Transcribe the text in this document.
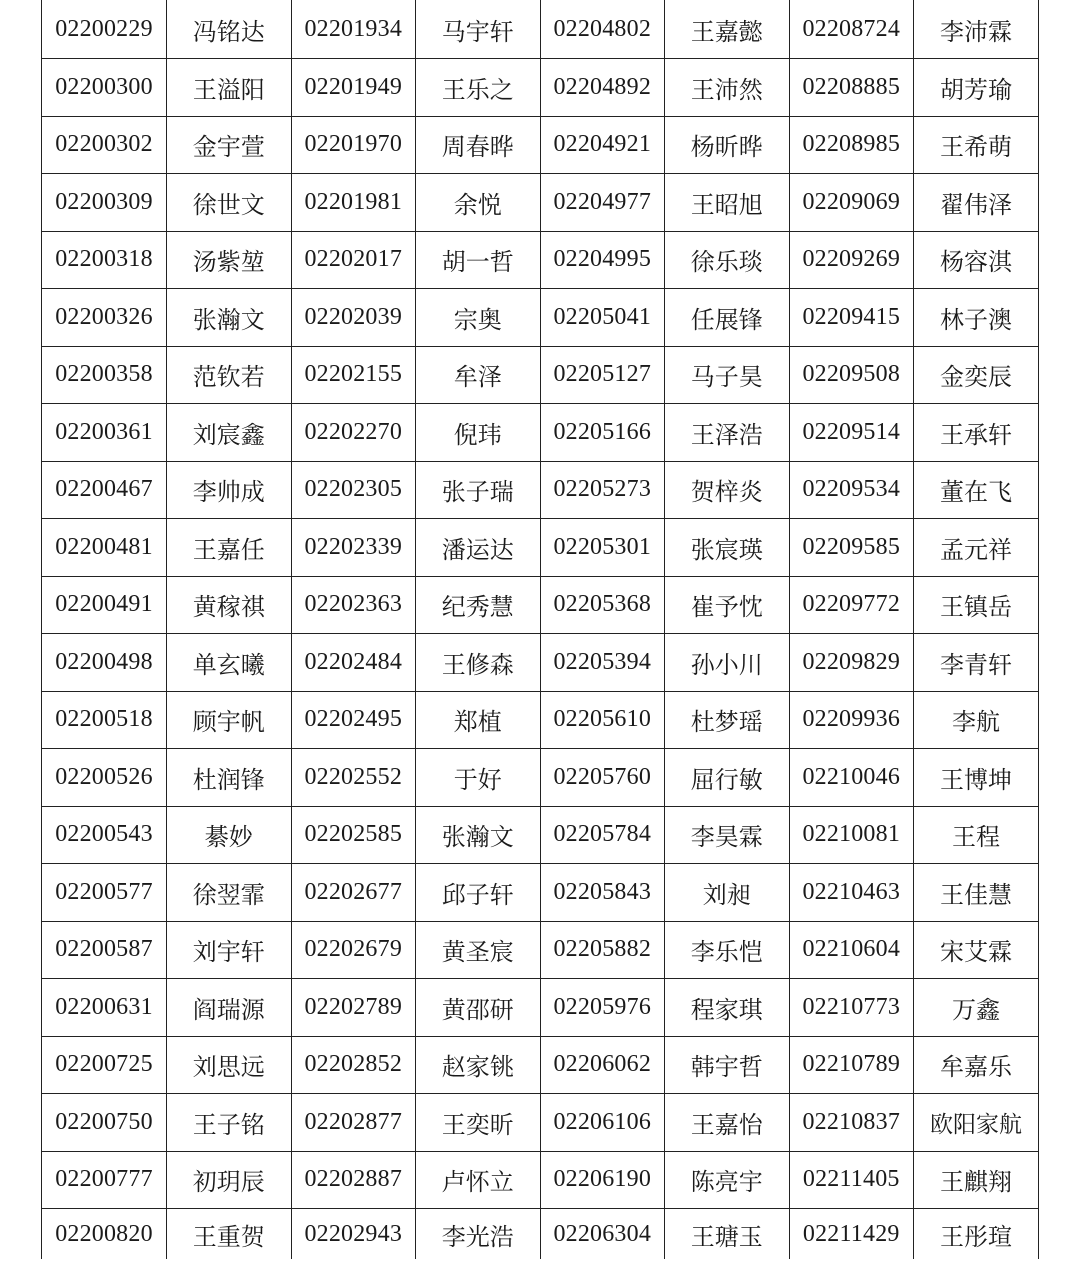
02200229	冯铭达	02201934	马宇轩	02204802	王嘉懿	02208724	李沛霖
02200300	王溢阳	02201949	王乐之	02204892	王沛然	02208885	胡芳瑜
02200302	金宇萱	02201970	周春晔	02204921	杨昕晔	02208985	王希萌
02200309	徐世文	02201981	余悦	02204977	王昭旭	02209069	翟伟泽
02200318	汤紫堃	02202017	胡一哲	02204995	徐乐琰	02209269	杨容淇
02200326	张瀚文	02202039	宗奥	02205041	任展锋	02209415	林子澳
02200358	范钦若	02202155	牟泽	02205127	马子昊	02209508	金奕辰
02200361	刘宸鑫	02202270	倪玮	02205166	王泽浩	02209514	王承轩
02200467	李帅成	02202305	张子瑞	02205273	贺梓炎	02209534	董在飞
02200481	王嘉任	02202339	潘运达	02205301	张宸瑛	02209585	孟元祥
02200491	黄稼祺	02202363	纪秀慧	02205368	崔予忱	02209772	王镇岳
02200498	单玄曦	02202484	王修森	02205394	孙小川	02209829	李青轩
02200518	顾宇帆	02202495	郑植	02205610	杜梦瑶	02209936	李航
02200526	杜润锋	02202552	于好	02205760	屈行敏	02210046	王博坤
02200543	綦妙	02202585	张瀚文	02205784	李昊霖	02210081	王程
02200577	徐翌霏	02202677	邱子轩	02205843	刘昶	02210463	王佳慧
02200587	刘宇轩	02202679	黄圣宸	02205882	李乐恺	02210604	宋艾霖
02200631	阎瑞源	02202789	黄邵研	02205976	程家琪	02210773	万鑫
02200725	刘思远	02202852	赵家铫	02206062	韩宇哲	02210789	牟嘉乐
02200750	王子铭	02202877	王奕昕	02206106	王嘉怡	02210837	欧阳家航
02200777	初玥辰	02202887	卢怀立	02206190	陈亮宇	02211405	王麒翔
02200820	王重贺	02202943	李光浩	02206304	王瑭玉	02211429	王彤瑄
